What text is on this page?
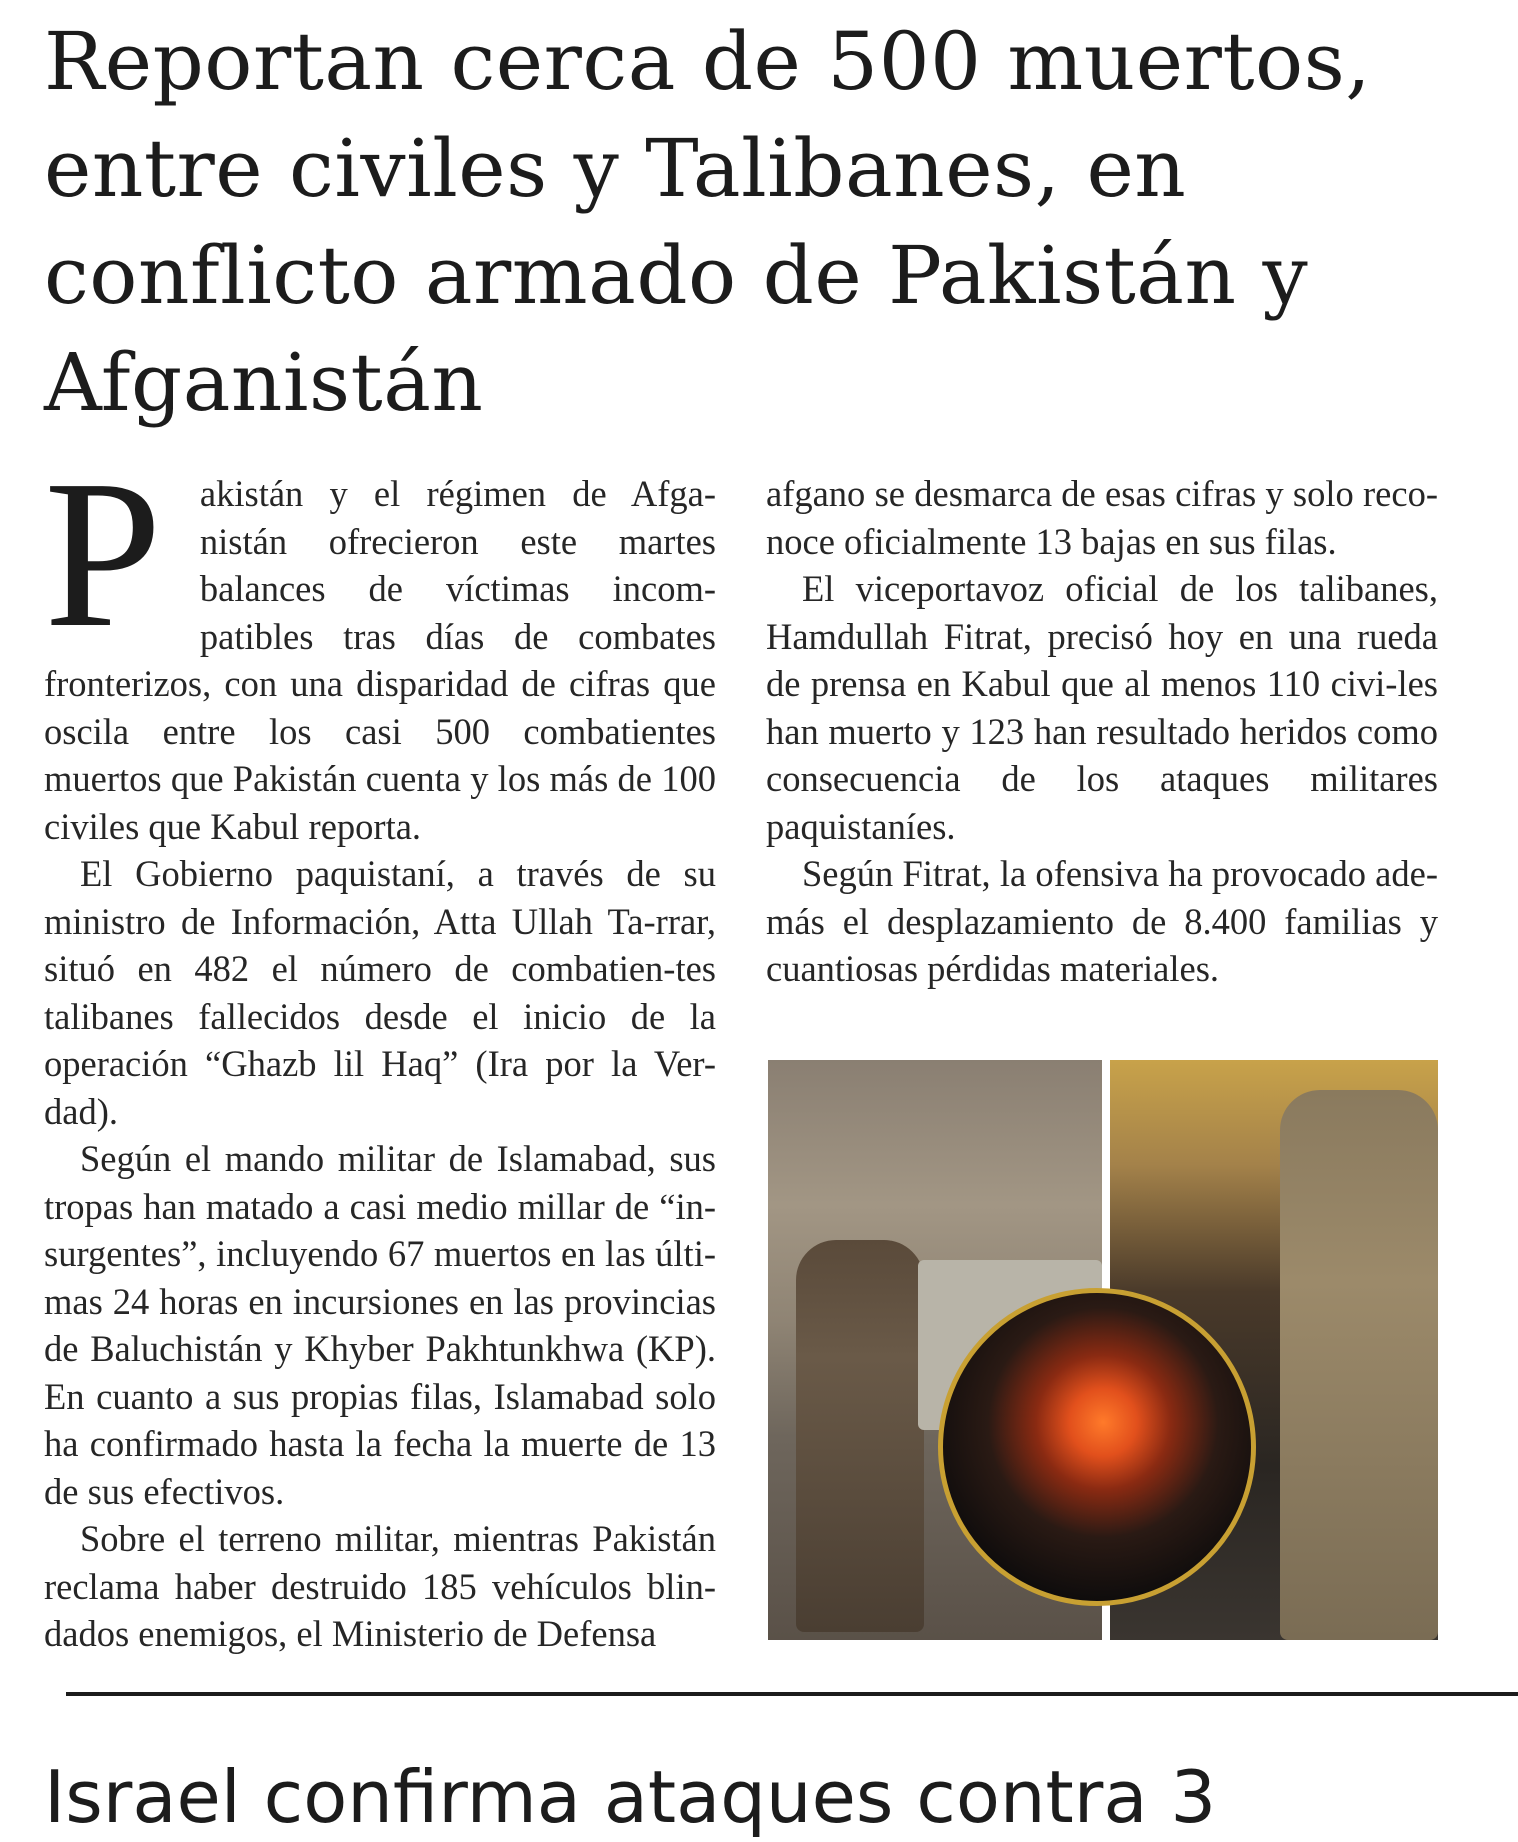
Reportan cerca de 500 muertos, entre civiles y Talibanes, en conflicto armado de Pakistán y Afganistán

P akistán y el régimen de Afga-nistán ofrecieron este martes balances de víctimas incom-patibles tras días de combates fronterizos, con una disparidad de cifras que oscila entre los casi 500 combatientes muertos que Pakistán cuenta y los más de 100 civiles que Kabul reporta.

El Gobierno paquistaní, a través de su ministro de Información, Atta Ullah Ta-rrar, situó en 482 el número de combatien-tes talibanes fallecidos desde el inicio de la operación “Ghazb lil Haq” (Ira por la Ver-dad).

Según el mando militar de Islamabad, sus tropas han matado a casi medio millar de “in-surgentes”, incluyendo 67 muertos en las últi-mas 24 horas en incursiones en las provincias de Baluchistán y Khyber Pakhtunkhwa (KP). En cuanto a sus propias filas, Islamabad solo ha confirmado hasta la fecha la muerte de 13 de sus efectivos.

Sobre el terreno militar, mientras Pakistán reclama haber destruido 185 vehículos blin-dados enemigos, el Ministerio de Defensa

afgano se desmarca de esas cifras y solo reco-noce oficialmente 13 bajas en sus filas.

El viceportavoz oficial de los talibanes, Hamdullah Fitrat, precisó hoy en una rueda de prensa en Kabul que al menos 110 civi-les han muerto y 123 han resultado heridos como consecuencia de los ataques militares paquistaníes.

Según Fitrat, la ofensiva ha provocado ade-más el desplazamiento de 8.400 familias y cuantiosas pérdidas materiales.

Israel confirma ataques contra 3
